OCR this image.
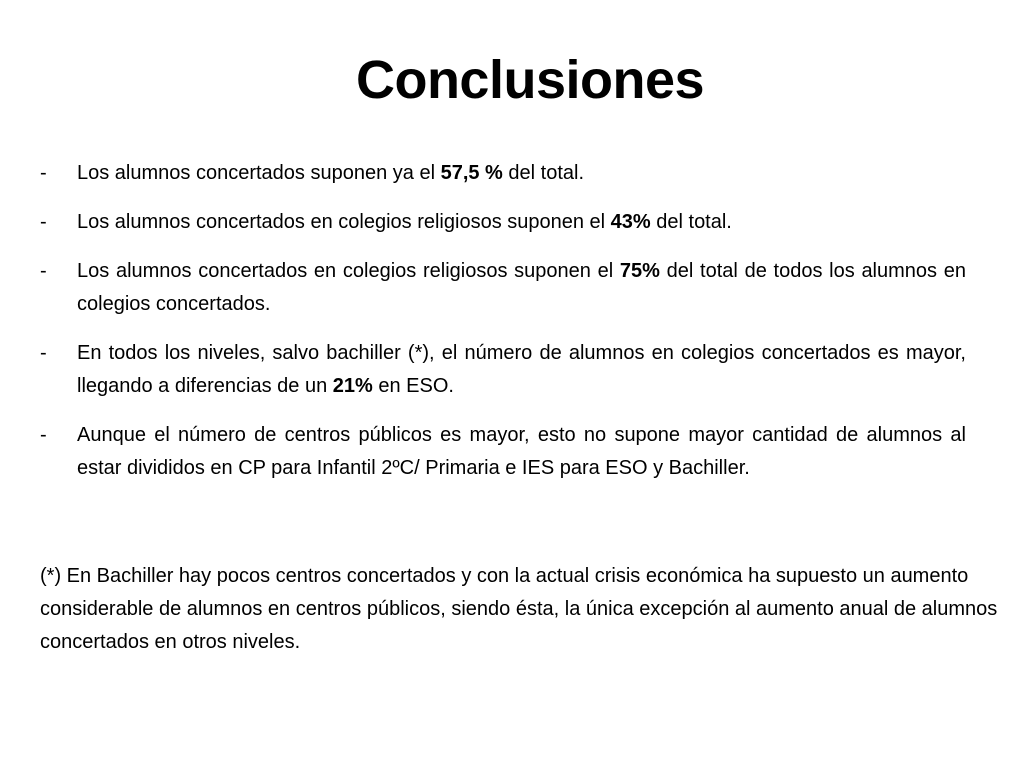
Conclusiones
- Los alumnos concertados suponen ya el 57,5 % del total.
- Los alumnos concertados en colegios religiosos suponen el 43% del total.
- Los alumnos concertados en colegios religiosos suponen el 75% del total de todos los alumnos en colegios concertados.
- En todos los niveles, salvo bachiller (*), el número de alumnos en colegios concertados es mayor, llegando a diferencias de un 21% en ESO.
- Aunque el número de centros públicos es mayor, esto no supone mayor cantidad de alumnos al estar divididos en CP para Infantil 2ºC/ Primaria e IES para ESO y Bachiller.

(*) En Bachiller hay pocos centros concertados y con la actual crisis económica ha supuesto un aumento considerable de alumnos en centros públicos, siendo ésta, la única excepción al aumento anual de alumnos concertados en otros niveles.
